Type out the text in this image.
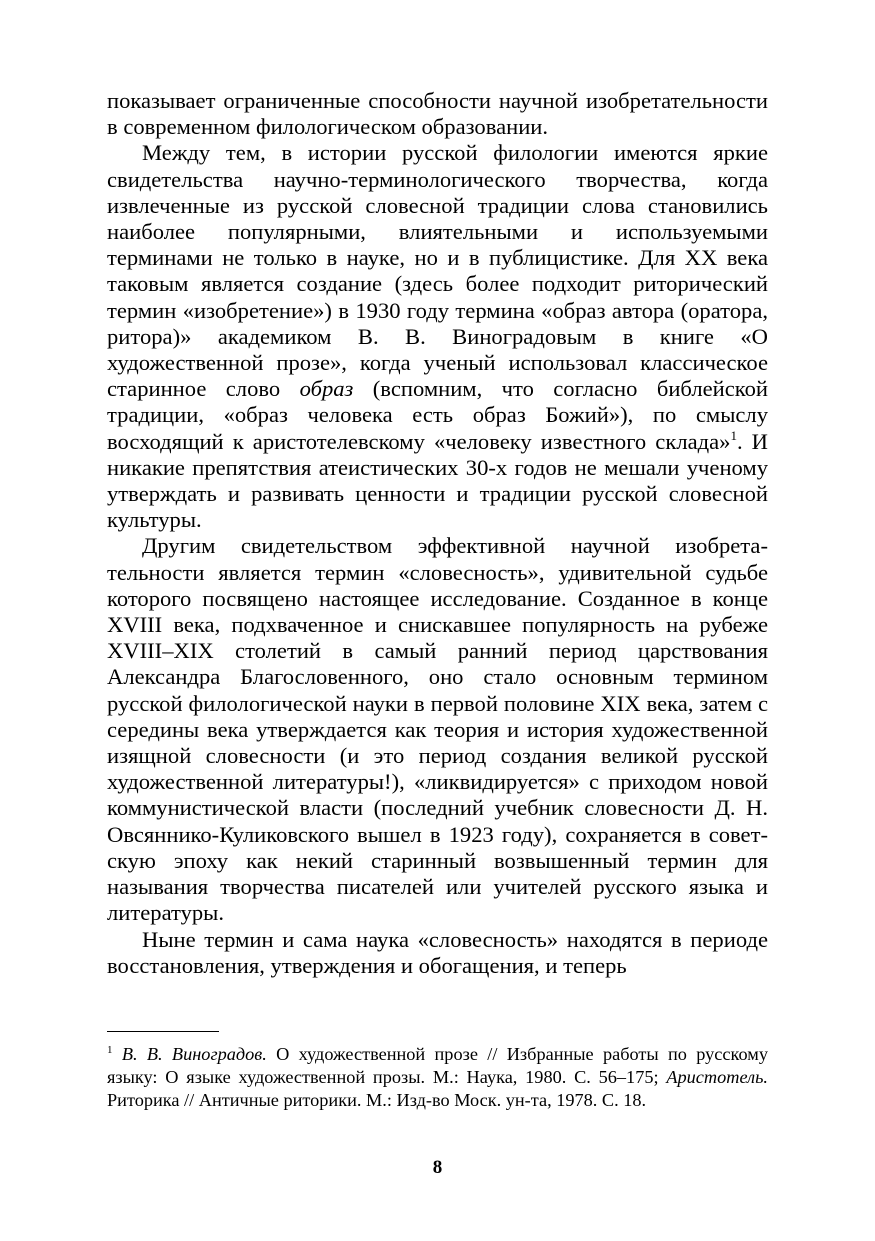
показывает ограниченные способности научной изобретательности в современном филологическом образовании.

Между тем, в истории русской филологии имеются яркие свидетельства научно-терминологического творчества, когда извлеченные из русской словесной традиции слова становились наиболее популярными, влиятельными и используемыми терминами не только в науке, но и в публицистике. Для XX века таковым является создание (здесь более подходит риторический термин «изобретение») в 1930 году термина «образ автора (оратора, ритора)» академиком В. В. Виноградовым в книге «О художественной прозе», когда ученый использовал классическое старинное слово образ (вспомним, что согласно библейской традиции, «образ человека есть образ Божий»), по смыслу восходящий к аристотелевскому «человеку известного склада»$^1$. И никакие препятствия атеистических 30-х годов не мешали ученому утверждать и развивать ценности и традиции русской словесной культуры.

Другим свидетельством эффективной научной изобретательности является термин «словесность», удивительной судьбе которого посвящено настоящее исследование. Созданное в конце XVIII века, подхваченное и снискавшее популярность на рубеже XVIII–XIX столетий в самый ранний период царствования Александра Благословенного, оно стало основным термином русской филологической науки в первой половине XIX века, затем с середины века утверждается как теория и история художественной изящной словесности (и это период создания великой русской художественной литературы!), «ликвидируется» с приходом новой коммунистической власти (последний учебник словесности Д. Н. Овсяннико-Куликовского вышел в 1923 году), сохраняется в советскую эпоху как некий старинный возвышенный термин для называния творчества писателей или учителей русского языка и литературы.

Ныне термин и сама наука «словесность» находятся в периоде восстановления, утверждения и обогащения, и теперь

$^1$ В. В. Виноградов. О художественной прозе // Избранные работы по русскому языку: О языке художественной прозы. М.: Наука, 1980. С. 56–175; Аристотель. Риторика // Античные риторики. М.: Изд-во Моск. ун-та, 1978. С. 18.
8
